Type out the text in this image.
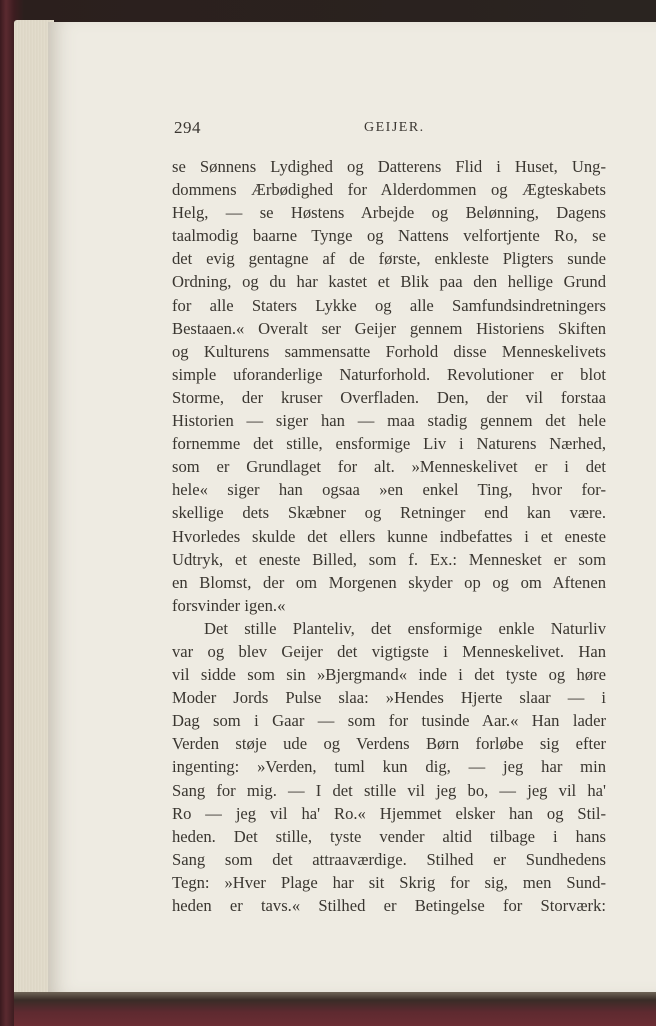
294	GEIJER.
se Sønnens Lydighed og Datterens Flid i Huset, Ung-
dommens Ærbødighed for Alderdommen og Ægteskabets
Helg, — se Høstens Arbejde og Belønning, Dagens
taalmodig baarne Tynge og Nattens velfortjente Ro, se
det evig gentagne af de første, enkleste Pligters sunde
Ordning, og du har kastet et Blik paa den hellige Grund
for alle Staters Lykke og alle Samfundsindretningers
Bestaaen.« Overalt ser Geijer gennem Historiens Skiften
og Kulturens sammensatte Forhold disse Menneskelivets
simple uforanderlige Naturforhold. Revolutioner er blot
Storme, der kruser Overfladen. Den, der vil forstaa
Historien — siger han — maa stadig gennem det hele
fornemme det stille, ensformige Liv i Naturens Nærhed,
som er Grundlaget for alt. »Menneskelivet er i det
hele« siger han ogsaa »en enkel Ting, hvor for-
skellige dets Skæbner og Retninger end kan være.
Hvorledes skulde det ellers kunne indbefattes i et eneste
Udtryk, et eneste Billed, som f. Ex.: Mennesket er som
en Blomst, der om Morgenen skyder op og om Aftenen
forsvinder igen.«
Det stille Planteliv, det ensformige enkle Naturliv
var og blev Geijer det vigtigste i Menneskelivet. Han
vil sidde som sin »Bjergmand« inde i det tyste og høre
Moder Jords Pulse slaa: »Hendes Hjerte slaar — i
Dag som i Gaar — som for tusinde Aar.« Han lader
Verden støje ude og Verdens Børn forløbe sig efter
ingenting: »Verden, tuml kun dig, — jeg har min
Sang for mig. — I det stille vil jeg bo, — jeg vil ha'
Ro — jeg vil ha' Ro.« Hjemmet elsker han og Stil-
heden. Det stille, tyste vender altid tilbage i hans
Sang som det attraaværdige. Stilhed er Sundhedens
Tegn: »Hver Plage har sit Skrig for sig, men Sund-
heden er tavs.« Stilhed er Betingelse for Storværk:
